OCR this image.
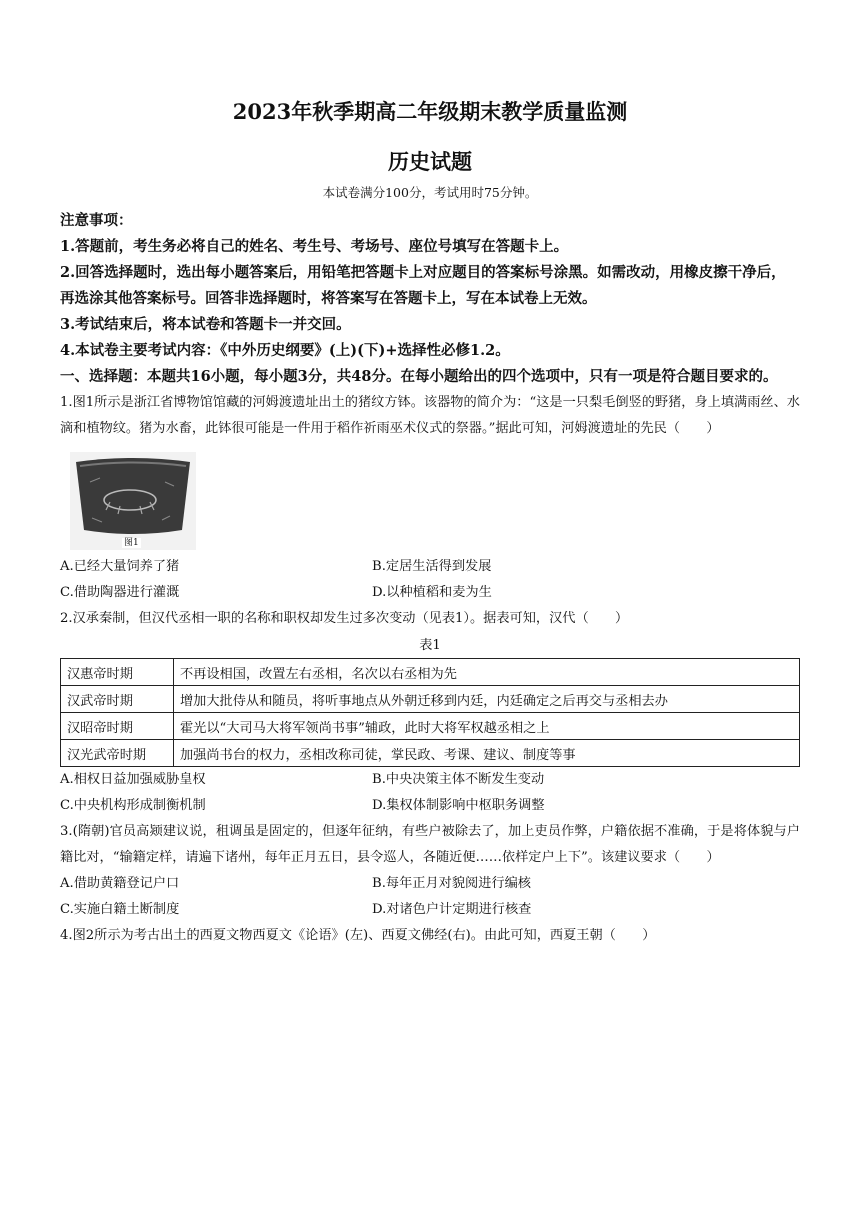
2023年秋季期高二年级期末教学质量监测
历史试题
本试卷满分100分，考试用时75分钟。
注意事项：
1.答题前，考生务必将自己的姓名、考生号、考场号、座位号填写在答题卡上。
2.回答选择题时，选出每小题答案后，用铅笔把答题卡上对应题目的答案标号涂黑。如需改动，用橡皮擦干净后，再选涂其他答案标号。回答非选择题时，将答案写在答题卡上，写在本试卷上无效。
3.考试结束后，将本试卷和答题卡一并交回。
4.本试卷主要考试内容：《中外历史纲要》(上)(下)+选择性必修1.2。
一、选择题：本题共16小题，每小题3分，共48分。在每小题给出的四个选项中，只有一项是符合题目要求的。
1.图1所示是浙江省博物馆馆藏的河姆渡遗址出土的猪纹方钵。该器物的简介为：“这是一只梨毛倒竖的野猪，身上填满雨丝、水滴和植物纹。猪为水畜，此钵很可能是一件用于稻作祈雨巫术仪式的祭器。”据此可知，河姆渡遗址的先民（　　）
图1
A.已经大量饲养了猪	B.定居生活得到发展
C.借助陶器进行灌溉	D.以种植稻和麦为生
2.汉承秦制，但汉代丞相一职的名称和职权却发生过多次变动（见表1）。据表可知，汉代（　　）
表1
汉惠帝时期	不再设相国，改置左右丞相，名次以右丞相为先
汉武帝时期	增加大批侍从和随员，将听事地点从外朝迁移到内廷，内廷确定之后再交与丞相去办
汉昭帝时期	霍光以“大司马大将军领尚书事”辅政，此时大将军权越丞相之上
汉光武帝时期	加强尚书台的权力，丞相改称司徒，掌民政、考课、建议、制度等事
A.相权日益加强威胁皇权	B.中央决策主体不断发生变动
C.中央机构形成制衡机制	D.集权体制影响中枢职务调整
3.(隋朝)官员高颎建议说，租调虽是固定的，但逐年征纳，有些户被除去了，加上吏员作弊，户籍依据不准确，于是将体貌与户籍比对，“输籍定样，请遍下诸州，每年正月五日，县令巡人，各随近便……依样定户上下”。该建议要求（　　）
A.借助黄籍登记户口	B.每年正月对貌阅进行编核
C.实施白籍土断制度	D.对诸色户计定期进行核查
4.图2所示为考古出土的西夏文物西夏文《论语》(左)、西夏文佛经(右)。由此可知，西夏王朝（　　）
